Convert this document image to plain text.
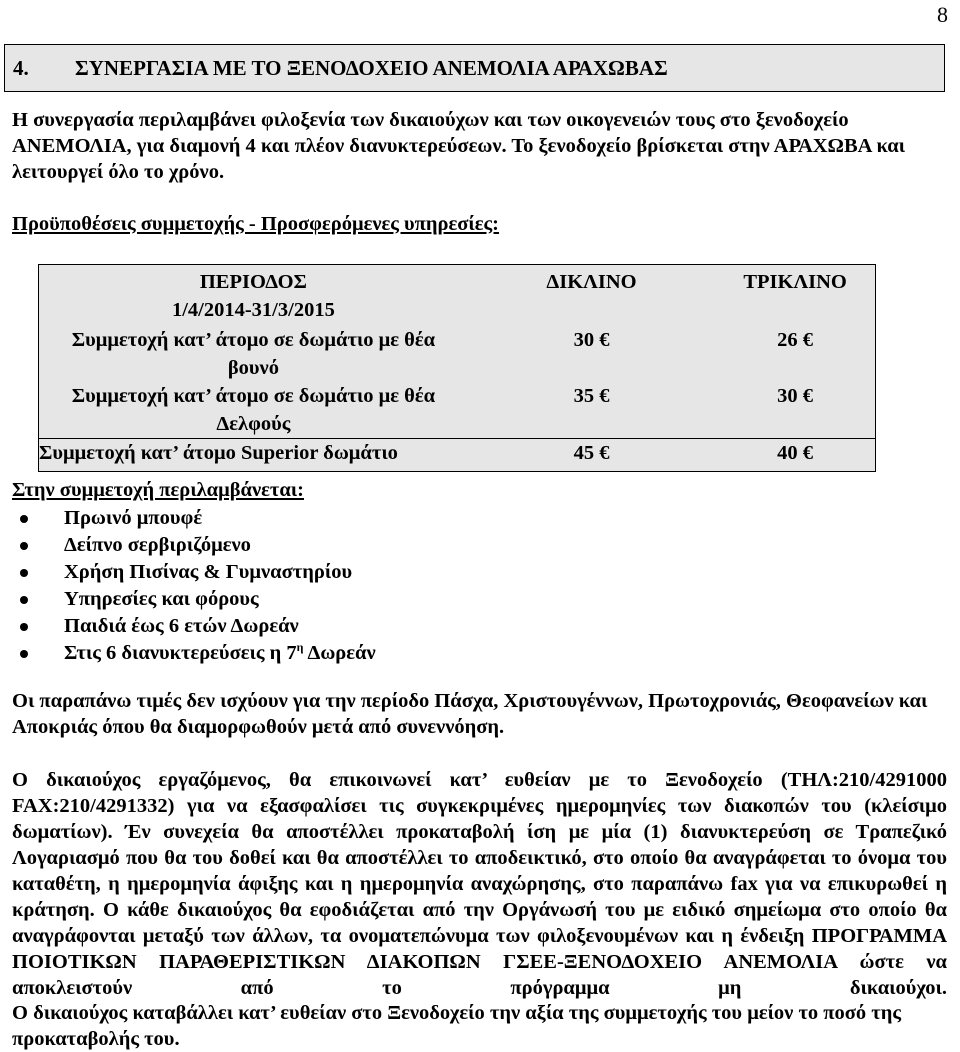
8
4. ΣΥΝΕΡΓΑΣΙΑ ΜΕ ΤΟ ΞΕΝΟΔΟΧΕΙΟ ΑΝΕΜΟΛΙΑ ΑΡΑΧΩΒΑΣ

Η συνεργασία περιλαμβάνει φιλοξενία των δικαιούχων και των οικογενειών τους στο ξενοδοχείο ΑΝΕΜΟΛΙΑ, για διαμονή 4 και πλέον διανυκτερεύσεων. Το ξενοδοχείο βρίσκεται στην ΑΡΑΧΩΒΑ και λειτουργεί όλο το χρόνο.

Προϋποθέσεις συμμετοχής - Προσφερόμενες υπηρεσίες:

ΠΕΡΙΟΔΟΣ
1/4/2014-31/3/2015	ΔΙΚΛΙΝΟ	ΤΡΙΚΛΙΝΟ

Συμμετοχή κατ’ άτομο σε δωμάτιο με θέα
βουνό	30 €	26 €

Συμμετοχή κατ’ άτομο σε δωμάτιο με θέα
Δελφούς	35 €	30 €
Συμμετοχή κατ’ άτομο Superior δωμάτιο	45 €	40 €

Στην συμμετοχή περιλαμβάνεται:

Πρωινό μπουφέ
Δείπνο σερβιριζόμενο
Χρήση Πισίνας & Γυμναστηρίου
Υπηρεσίες και φόρους
Παιδιά έως 6 ετών Δωρεάν
Στις 6 διανυκτερεύσεις η $7^\eta$ Δωρεάν

Οι παραπάνω τιμές δεν ισχύουν για την περίοδο Πάσχα, Χριστουγέννων, Πρωτοχρονιάς, Θεοφανείων και Αποκριάς όπου θα διαμορφωθούν μετά από συνεννόηση.

Ο δικαιούχος εργαζόμενος, θα επικοινωνεί κατ’ ευθείαν με το Ξενοδοχείο (ΤΗΛ:210/4291000 FAX:210/4291332) για να εξασφαλίσει τις συγκεκριμένες ημερομηνίες των διακοπών του (κλείσιμο δωματίων). Έν συνεχεία θα αποστέλλει προκαταβολή ίση με μία (1) διανυκτερεύση σε Τραπεζικό Λογαριασμό που θα του δοθεί και θα αποστέλλει το αποδεικτικό, στο οποίο θα αναγράφεται το όνομα του καταθέτη, η ημερομηνία άφιξης και η ημερομηνία αναχώρησης, στο παραπάνω fax για να επικυρωθεί η κράτηση. Ο κάθε δικαιούχος θα εφοδιάζεται από την Οργάνωσή του με ειδικό σημείωμα στο οποίο θα αναγράφονται μεταξύ των άλλων, τα ονοματεπώνυμα των φιλοξενουμένων και η ένδειξη ΠΡΟΓΡΑΜΜΑ ΠΟΙΟΤΙΚΩΝ ΠΑΡΑΘΕΡΙΣΤΙΚΩΝ ΔΙΑΚΟΠΩΝ ΓΣΕΕ-ΞΕΝΟΔΟΧΕΙΟ ΑΝΕΜΟΛΙΑ ώστε να αποκλειστούν από το πρόγραμμα μη δικαιούχοι.

Ο δικαιούχος καταβάλλει κατ’ ευθείαν στο Ξενοδοχείο την αξία της συμμετοχής του μείον το ποσό της προκαταβολής του.
